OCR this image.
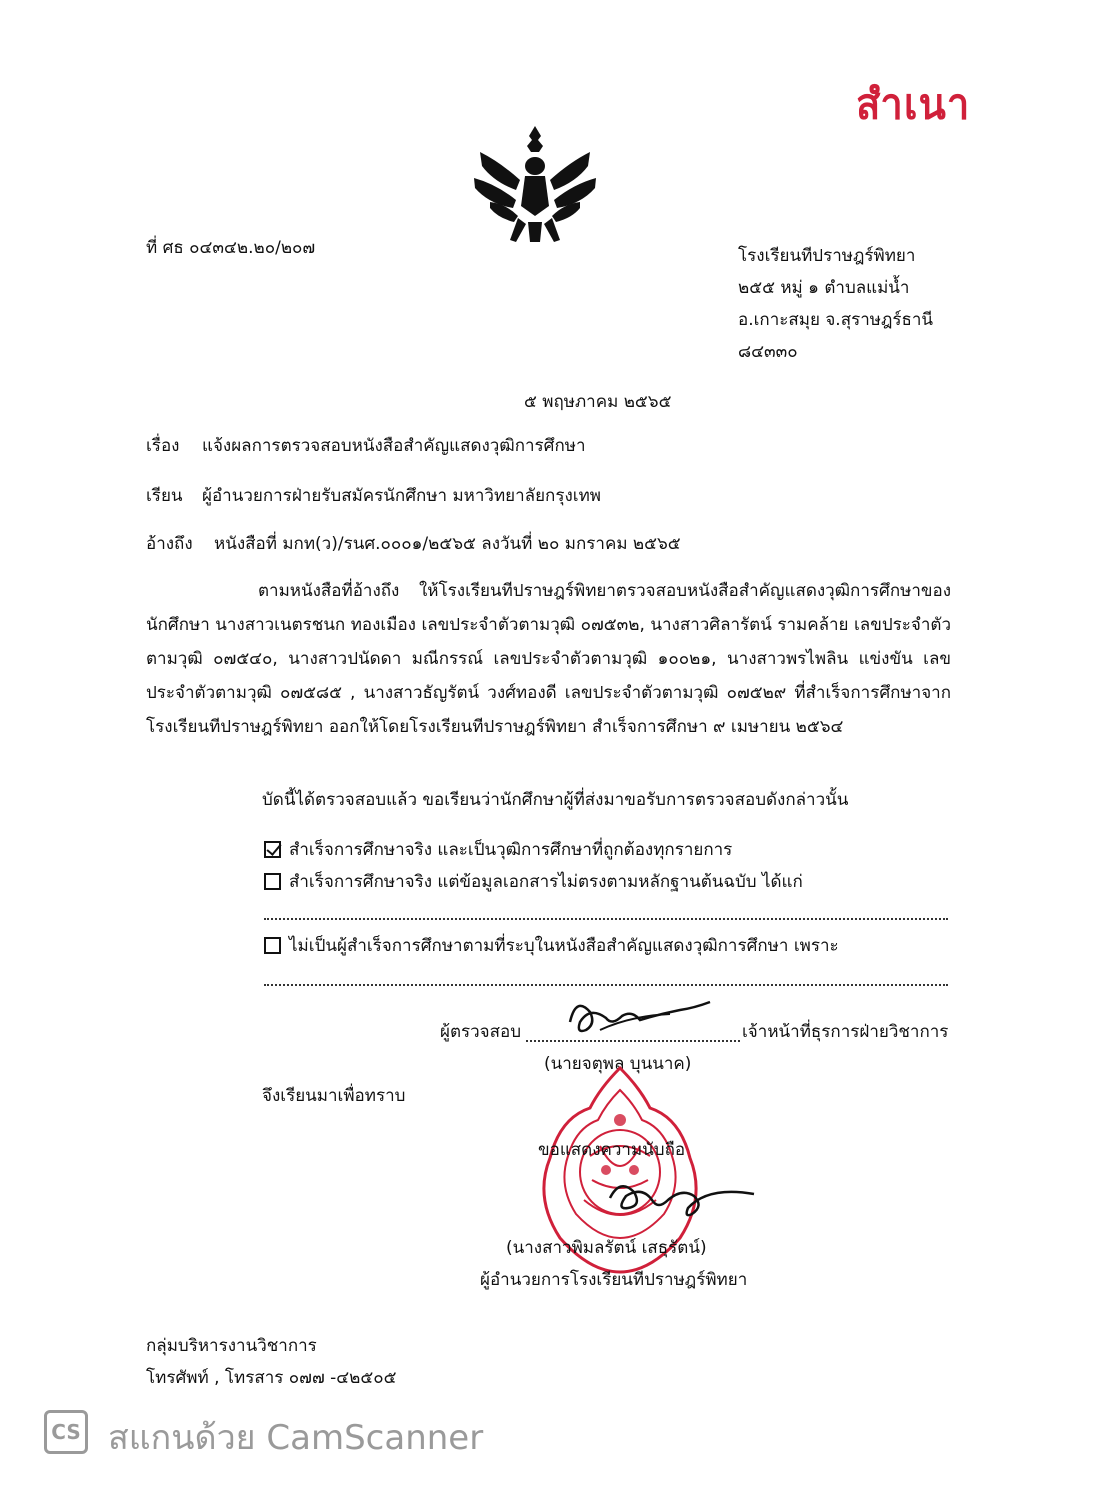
สำเนา
ที่ ศธ ๐๔๓๔๒.๒๐/๒๐๗	โรงเรียนทีปราษฎร์พิทยา
๒๕๕ หมู่ ๑ ตำบลแม่น้ำ
อ.เกาะสมุย จ.สุราษฎร์ธานี
๘๔๓๓๐
๕ พฤษภาคม ๒๕๖๕
เรื่อง แจ้งผลการตรวจสอบหนังสือสำคัญแสดงวุฒิการศึกษา
เรียน ผู้อำนวยการฝ่ายรับสมัครนักศึกษา มหาวิทยาลัยกรุงเทพ
อ้างถึง หนังสือที่ มกท(ว)/รนศ.๐๐๐๑/๒๕๖๕ ลงวันที่ ๒๐ มกราคม ๒๕๖๕
ตามหนังสือที่อ้างถึง ให้โรงเรียนทีปราษฎร์พิทยาตรวจสอบหนังสือสำคัญแสดงวุฒิการศึกษาของนักศึกษา นางสาวเนตรชนก ทองเมือง เลขประจำตัวตามวุฒิ ๐๗๕๓๒, นางสาวศิลารัตน์ รามคล้าย เลขประจำตัวตามวุฒิ ๐๗๕๔๐, นางสาวปนัดดา มณีกรรณ์ เลขประจำตัวตามวุฒิ ๑๐๐๒๑, นางสาวพรไพลิน แข่งขัน เลขประจำตัวตามวุฒิ ๐๗๕๘๕ , นางสาวธัญรัตน์ วงศ์ทองดี เลขประจำตัวตามวุฒิ ๐๗๕๒๙ ที่สำเร็จการศึกษาจากโรงเรียนทีปราษฎร์พิทยา ออกให้โดยโรงเรียนทีปราษฎร์พิทยา สำเร็จการศึกษา ๙ เมษายน ๒๕๖๔
บัดนี้ได้ตรวจสอบแล้ว ขอเรียนว่านักศึกษาผู้ที่ส่งมาขอรับการตรวจสอบดังกล่าวนั้น
สำเร็จการศึกษาจริง และเป็นวุฒิการศึกษาที่ถูกต้องทุกรายการ
สำเร็จการศึกษาจริง แต่ข้อมูลเอกสารไม่ตรงตามหลักฐานต้นฉบับ ได้แก่
ไม่เป็นผู้สำเร็จการศึกษาตามที่ระบุในหนังสือสำคัญแสดงวุฒิการศึกษา เพราะ
ผู้ตรวจสอบ	เจ้าหน้าที่ธุรการฝ่ายวิชาการ
(นายจตุพล บุนนาค)
จึงเรียนมาเพื่อทราบ
ขอแสดงความนับถือ
(นางสาวพิมลรัตน์ เสธุรัตน์)
ผู้อำนวยการโรงเรียนทีปราษฎร์พิทยา
กลุ่มบริหารงานวิชาการ
โทรศัพท์ , โทรสาร ๐๗๗ -๔๒๕๐๕
CS สแกนด้วย CamScanner
